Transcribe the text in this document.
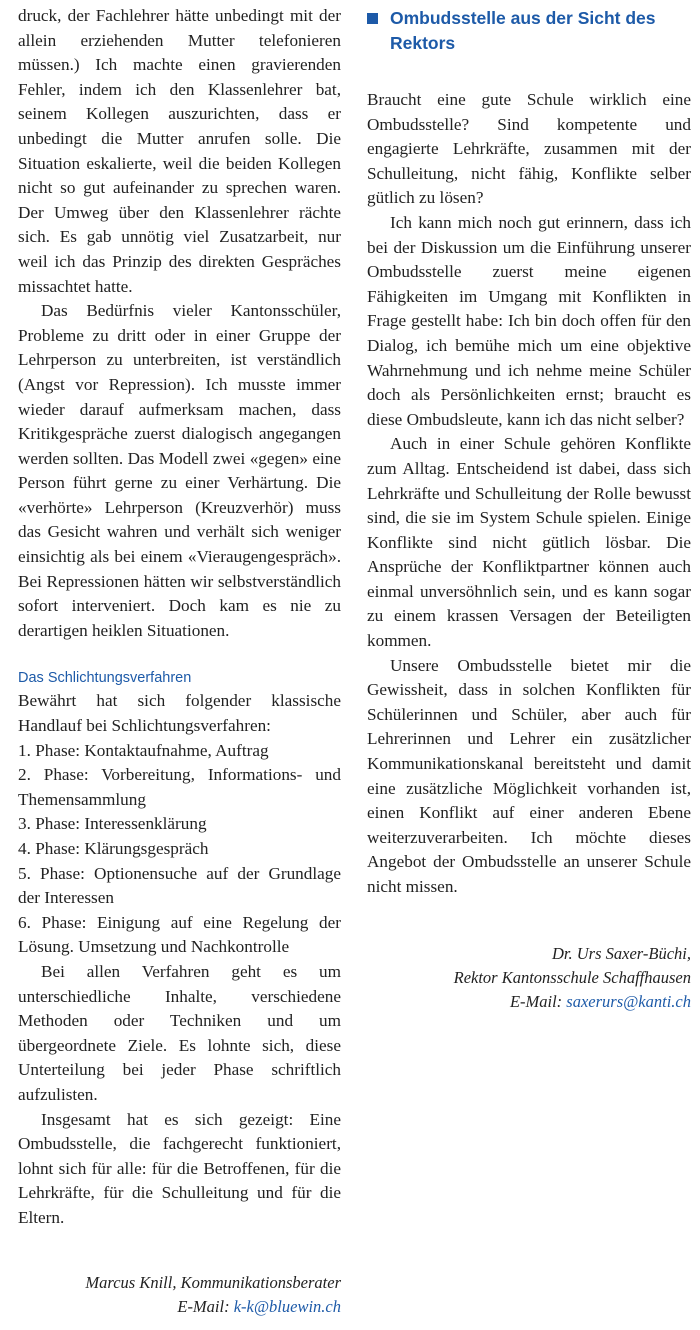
druck, der Fachlehrer hätte unbedingt mit der allein erziehenden Mutter telefonieren müssen.) Ich machte einen gravierenden Fehler, indem ich den Klassenlehrer bat, seinem Kollegen auszurichten, dass er unbedingt die Mutter anrufen solle. Die Situation eskalierte, weil die beiden Kollegen nicht so gut aufeinander zu sprechen waren. Der Umweg über den Klassenlehrer rächte sich. Es gab unnötig viel Zusatzarbeit, nur weil ich das Prinzip des direkten Gespräches missachtet hatte.

Das Bedürfnis vieler Kantonsschüler, Probleme zu dritt oder in einer Gruppe der Lehrperson zu unterbreiten, ist verständlich (Angst vor Repression). Ich musste immer wieder darauf aufmerksam machen, dass Kritikgespräche zuerst dialogisch angegangen werden sollten. Das Modell zwei «gegen» eine Person führt gerne zu einer Verhärtung. Die «verhörte» Lehrperson (Kreuzverhör) muss das Gesicht wahren und verhält sich weniger einsichtig als bei einem «Vieraugengespräch». Bei Repressionen hätten wir selbstverständlich sofort interveniert. Doch kam es nie zu derartigen heiklen Situationen.

Das Schlichtungsverfahren

Bewährt hat sich folgender klassische Handlauf bei Schlichtungsverfahren:

1. Phase: Kontaktaufnahme, Auftrag

2. Phase: Vorbereitung, Informations- und Themensammlung

3. Phase: Interessenklärung

4. Phase: Klärungsgespräch

5. Phase: Optionensuche auf der Grundlage der Interessen

6. Phase: Einigung auf eine Regelung der Lösung. Umsetzung und Nachkontrolle

Bei allen Verfahren geht es um unterschiedliche Inhalte, verschiedene Methoden oder Techniken und um übergeordnete Ziele. Es lohnte sich, diese Unterteilung bei jeder Phase schriftlich aufzulisten.

Insgesamt hat es sich gezeigt: Eine Ombudsstelle, die fachgerecht funktioniert, lohnt sich für alle: für die Betroffenen, für die Lehrkräfte, für die Schulleitung und für die Eltern.

Marcus Knill, Kommunikationsberater

E-Mail: k-k@bluewin.ch

Ombudsstelle aus der Sicht des Rektors

Braucht eine gute Schule wirklich eine Ombudsstelle? Sind kompetente und engagierte Lehrkräfte, zusammen mit der Schulleitung, nicht fähig, Konflikte selber gütlich zu lösen?

Ich kann mich noch gut erinnern, dass ich bei der Diskussion um die Einführung unserer Ombudsstelle zuerst meine eigenen Fähigkeiten im Umgang mit Konflikten in Frage gestellt habe: Ich bin doch offen für den Dialog, ich bemühe mich um eine objektive Wahrnehmung und ich nehme meine Schüler doch als Persönlichkeiten ernst; braucht es diese Ombudsleute, kann ich das nicht selber?

Auch in einer Schule gehören Konflikte zum Alltag. Entscheidend ist dabei, dass sich Lehrkräfte und Schulleitung der Rolle bewusst sind, die sie im System Schule spielen. Einige Konflikte sind nicht gütlich lösbar. Die Ansprüche der Konfliktpartner können auch einmal unversöhnlich sein, und es kann sogar zu einem krassen Versagen der Beteiligten kommen.

Unsere Ombudsstelle bietet mir die Gewissheit, dass in solchen Konflikten für Schülerinnen und Schüler, aber auch für Lehrerinnen und Lehrer ein zusätzlicher Kommunikationskanal bereitsteht und damit eine zusätzliche Möglichkeit vorhanden ist, einen Konflikt auf einer anderen Ebene weiterzuverarbeiten. Ich möchte dieses Angebot der Ombudsstelle an unserer Schule nicht missen.

Dr. Urs Saxer-Büchi,

Rektor Kantonsschule Schaffhausen

E-Mail: saxerurs@kanti.ch
